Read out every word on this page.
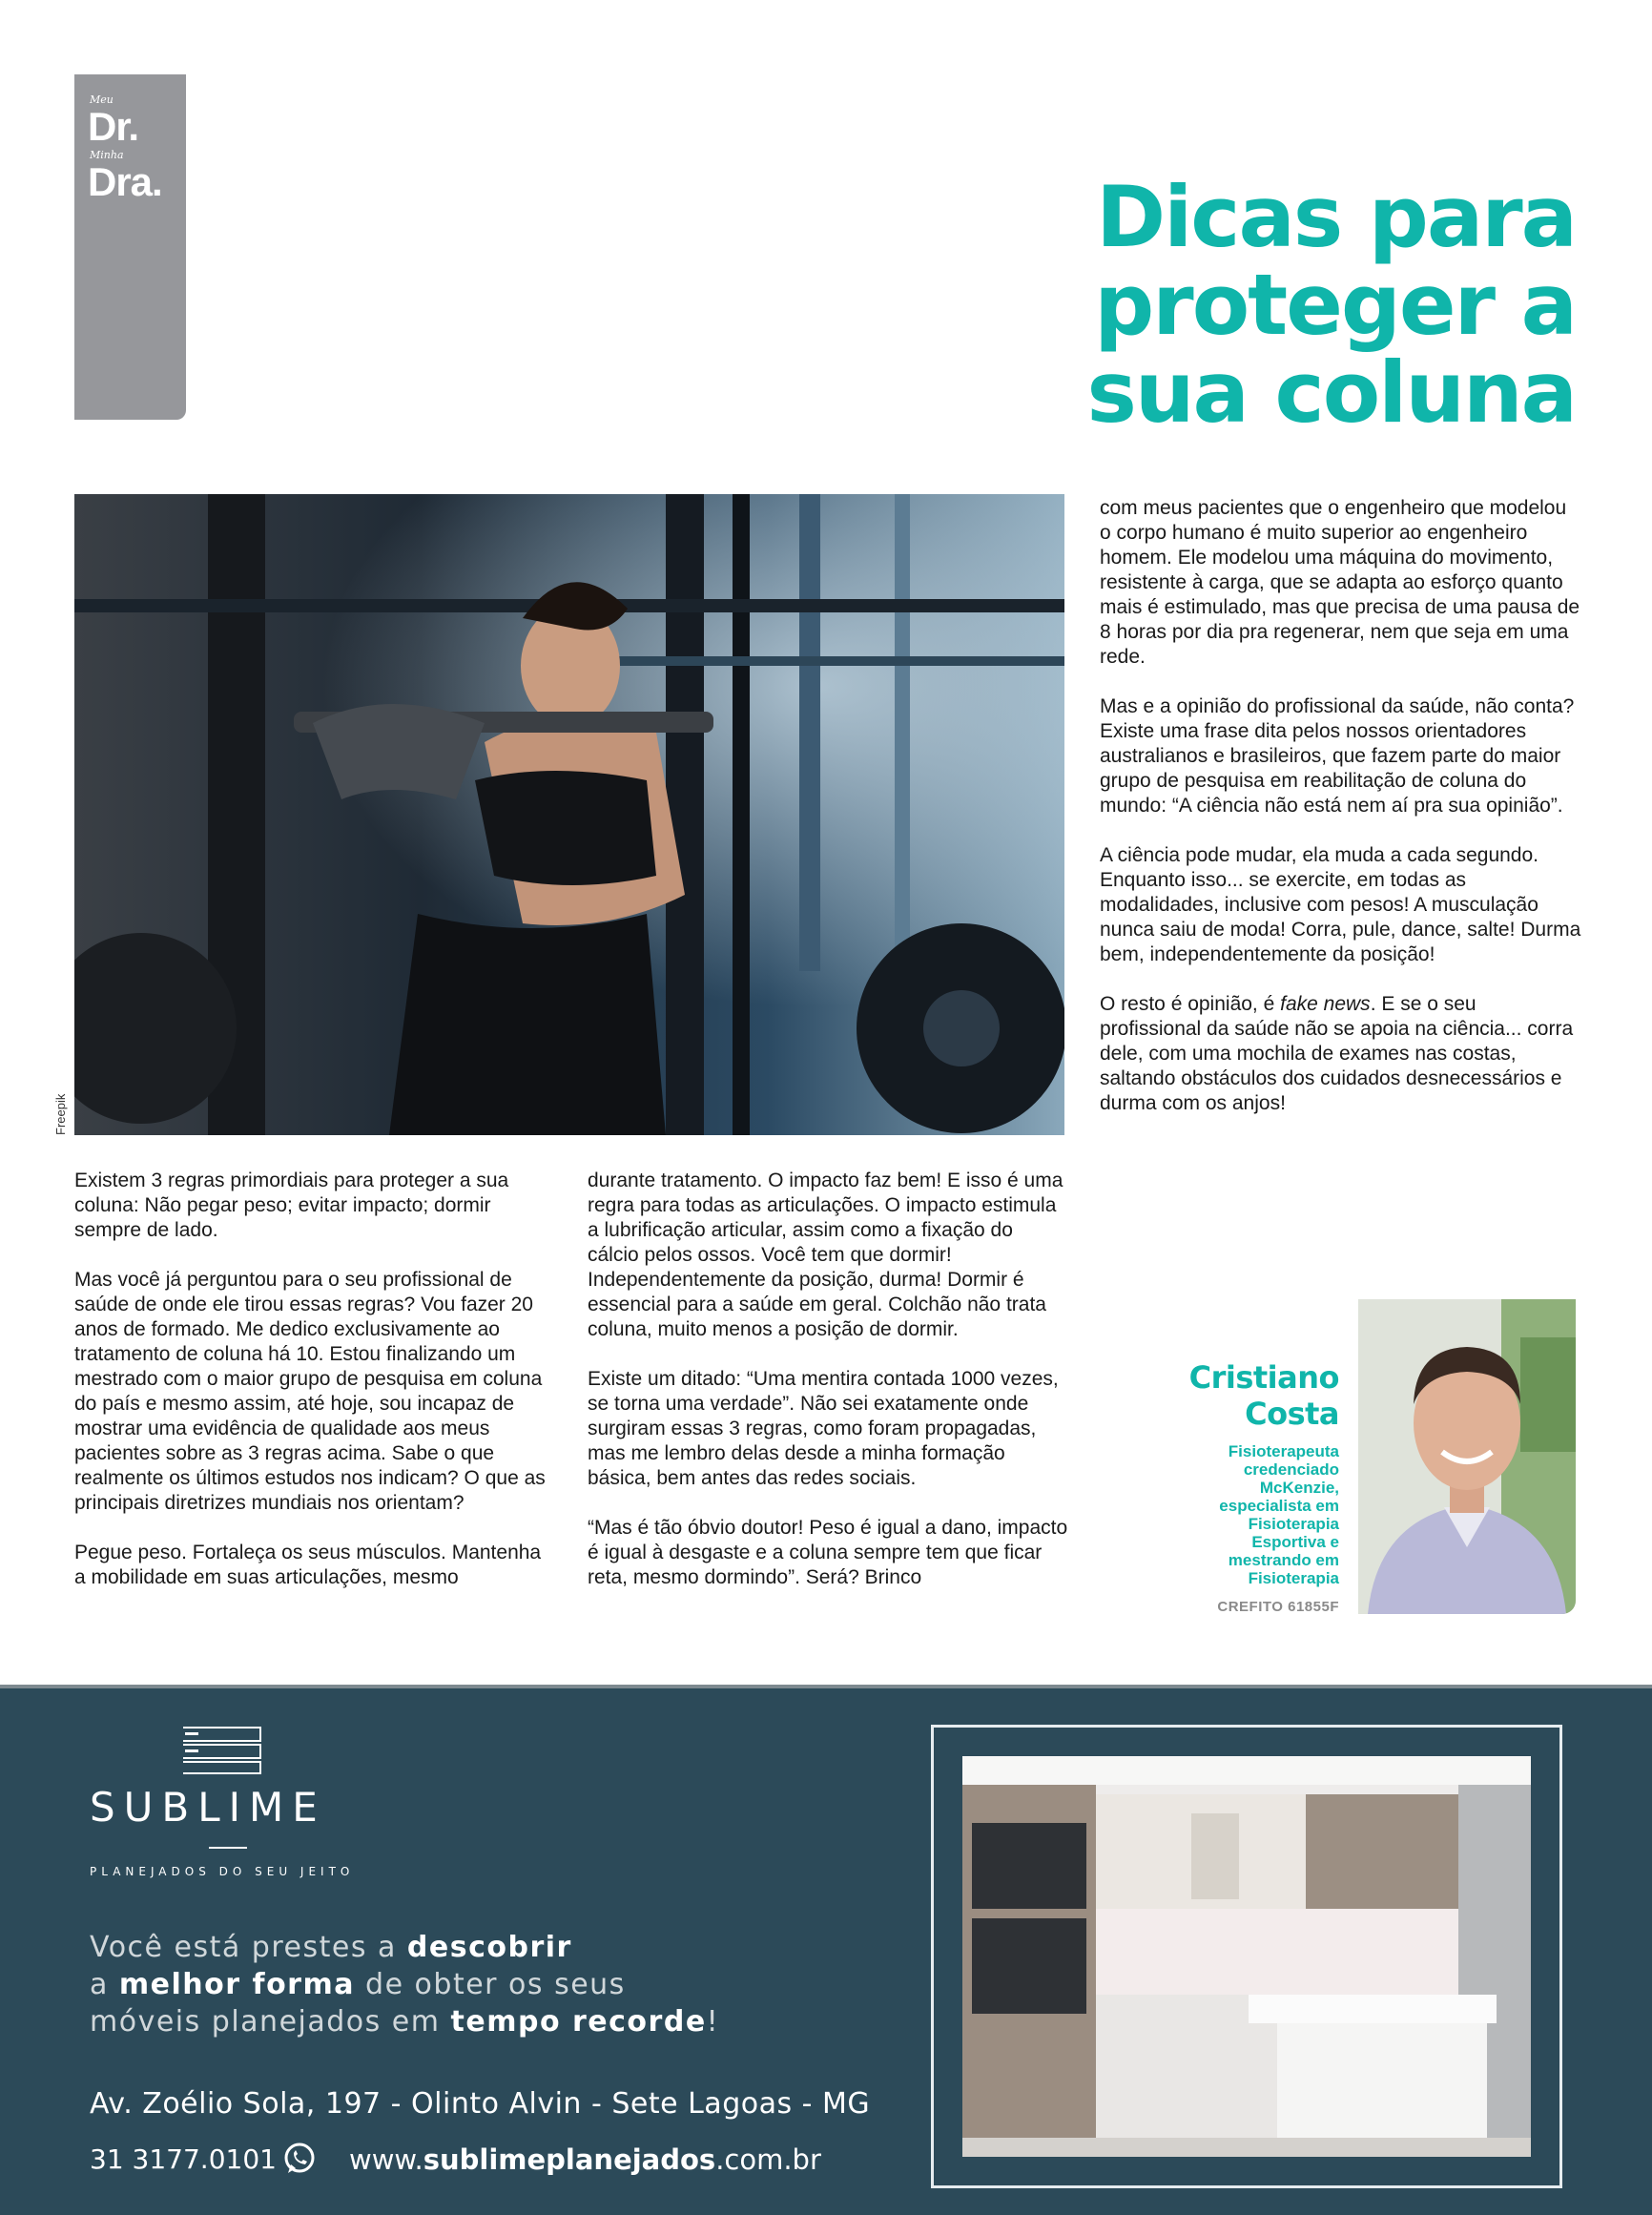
Meu
Dr.
Minha
Dra.	Dicas para
proteger a
sua coluna
Freepik

Existem 3 regras primordiais para proteger a sua coluna: Não pegar peso; evitar impacto; dormir sempre de lado.

Mas você já perguntou para o seu profissional de saúde de onde ele tirou essas regras? Vou fazer 20 anos de formado. Me dedico exclusivamente ao tratamento de coluna há 10. Estou finalizando um mestrado com o maior grupo de pesquisa em coluna do país e mesmo assim, até hoje, sou incapaz de mostrar uma evidência de qualidade aos meus pacientes sobre as 3 regras acima. Sabe o que realmente os últimos estudos nos indicam? O que as principais diretrizes mundiais nos orientam?

Pegue peso. Fortaleça os seus músculos. Mantenha a mobilidade em suas articulações, mesmo

durante tratamento. O impacto faz bem! E isso é uma regra para todas as articulações. O impacto estimula a lubrificação articular, assim como a fixação do cálcio pelos ossos. Você tem que dormir! Independentemente da posição, durma! Dormir é essencial para a saúde em geral. Colchão não trata coluna, muito menos a posição de dormir.

Existe um ditado: “Uma mentira contada 1000 vezes, se torna uma verdade”. Não sei exatamente onde surgiram essas 3 regras, como foram propagadas, mas me lembro delas desde a minha formação básica, bem antes das redes sociais.

“Mas é tão óbvio doutor! Peso é igual a dano, impacto é igual à desgaste e a coluna sempre tem que ficar reta, mesmo dormindo”. Será? Brinco

com meus pacientes que o engenheiro que modelou o corpo humano é muito superior ao engenheiro homem. Ele modelou uma máquina do movimento, resistente à carga, que se adapta ao esforço quanto mais é estimulado, mas que precisa de uma pausa de 8 horas por dia pra regenerar, nem que seja em uma rede.

Mas e a opinião do profissional da saúde, não conta? Existe uma frase dita pelos nossos orientadores australianos e brasileiros, que fazem parte do maior grupo de pesquisa em reabilitação de coluna do mundo: “A ciência não está nem aí pra sua opinião”.

A ciência pode mudar, ela muda a cada segundo. Enquanto isso... se exercite, em todas as modalidades, inclusive com pesos! A musculação nunca saiu de moda! Corra, pule, dance, salte! Durma bem, independentemente da posição!

O resto é opinião, é fake news. E se o seu profissional da saúde não se apoia na ciência... corra dele, com uma mochila de exames nas costas, saltando obstáculos dos cuidados desnecessários e durma com os anjos!

Cristiano
Costa
Fisioterapeuta
credenciado
McKenzie,
especialista em
Fisioterapia
Esportiva e
mestrando em
Fisioterapia
CREFITO 61855F
SUBLIME
PLANEJADOS DO SEU JEITO
Você está prestes a descobrir
a melhor forma de obter os seus
móveis planejados em tempo recorde!
Av. Zoélio Sola, 197 - Olinto Alvin - Sete Lagoas - MG
31 3177.0101	www.sublimeplanejados.com.br
